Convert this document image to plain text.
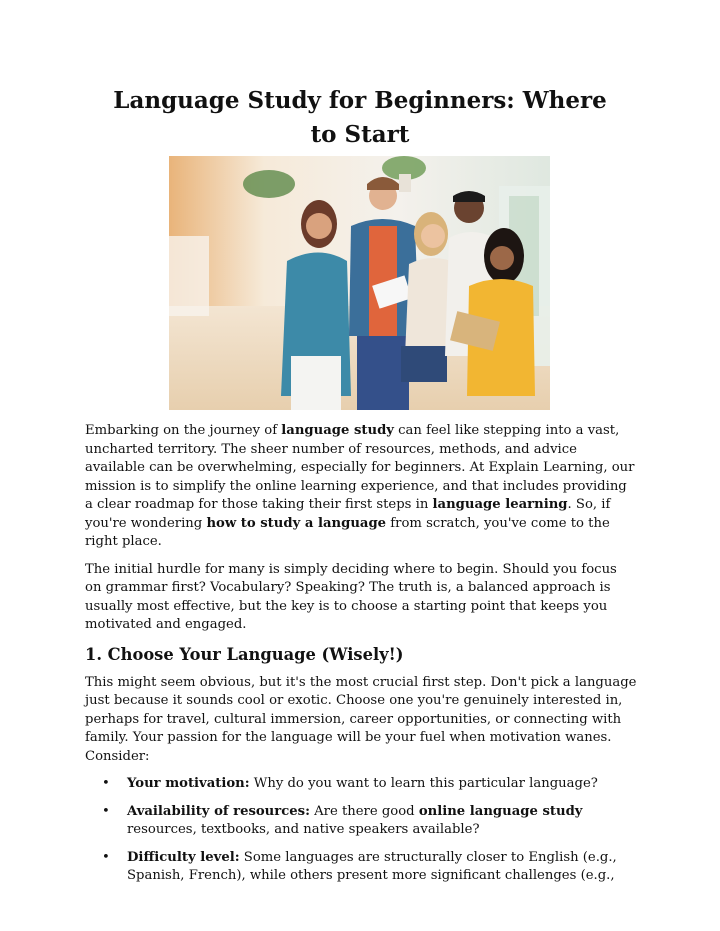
Language Study for Beginners: Where to Start

Embarking on the journey of language study can feel like stepping into a vast, uncharted territory. The sheer number of resources, methods, and advice available can be overwhelming, especially for beginners. At Explain Learning, our mission is to simplify the online learning experience, and that includes providing a clear roadmap for those taking their first steps in language learning. So, if you're wondering how to study a language from scratch, you've come to the right place.

The initial hurdle for many is simply deciding where to begin. Should you focus on grammar first? Vocabulary? Speaking? The truth is, a balanced approach is usually most effective, but the key is to choose a starting point that keeps you motivated and engaged.

1. Choose Your Language (Wisely!)

This might seem obvious, but it's the most crucial first step. Don't pick a language just because it sounds cool or exotic. Choose one you're genuinely interested in, perhaps for travel, cultural immersion, career opportunities, or connecting with family. Your passion for the language will be your fuel when motivation wanes. Consider:

• Your motivation: Why do you want to learn this particular language?
• Availability of resources: Are there good online language study resources, textbooks, and native speakers available?
• Difficulty level: Some languages are structurally closer to English (e.g., Spanish, French), while others present more significant challenges (e.g.,
